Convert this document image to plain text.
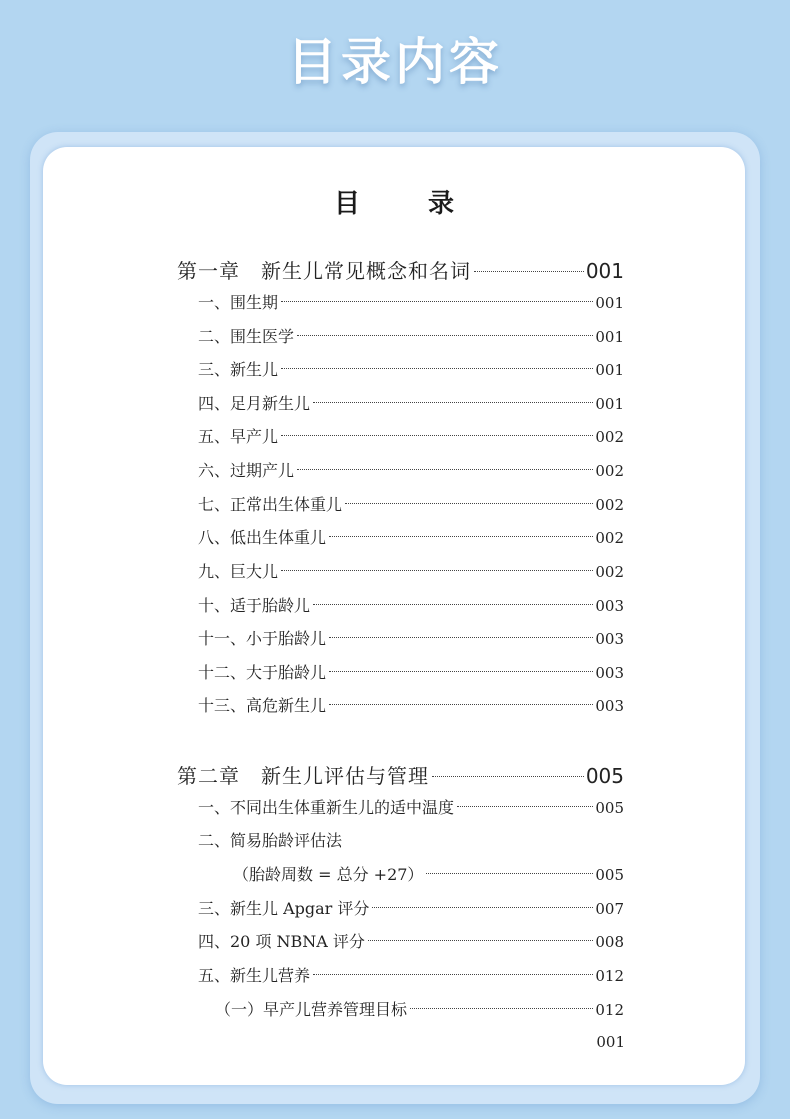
目录内容
目	录
第一章　新生儿常见概念和名词	001
一、围生期	001
二、围生医学	001
三、新生儿	001
四、足月新生儿	001
五、早产儿	002
六、过期产儿	002
七、正常出生体重儿	002
八、低出生体重儿	002
九、巨大儿	002
十、适于胎龄儿	003
十一、小于胎龄儿	003
十二、大于胎龄儿	003
十三、高危新生儿	003
第二章　新生儿评估与管理	005
一、不同出生体重新生儿的适中温度	005
二、简易胎龄评估法
（胎龄周数 = 总分 +27）	005
三、新生儿 Apgar 评分	007
四、20 项 NBNA 评分	008
五、新生儿营养	012
（一）早产儿营养管理目标	012
001
